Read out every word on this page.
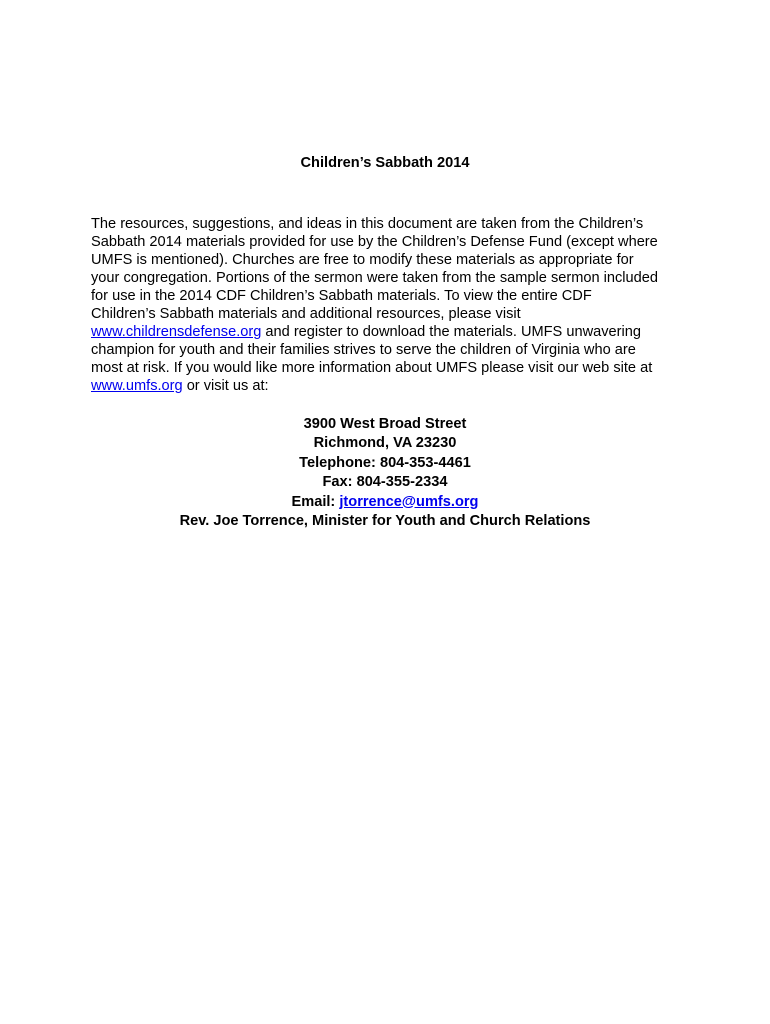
Children’s Sabbath 2014
The resources, suggestions, and ideas in this document are taken from the Children’s
Sabbath 2014 materials provided for use by the Children’s Defense Fund (except where
UMFS is mentioned). Churches are free to modify these materials as appropriate for
your congregation. Portions of the sermon were taken from the sample sermon included
for use in the 2014 CDF Children’s Sabbath materials. To view the entire CDF
Children’s Sabbath materials and additional resources, please visit
www.childrensdefense.org and register to download the materials. UMFS unwavering
champion for youth and their families strives to serve the children of Virginia who are
most at risk. If you would like more information about UMFS please visit our web site at
www.umfs.org or visit us at:
3900 West Broad Street
Richmond, VA 23230
Telephone: 804-353-4461
Fax: 804-355-2334
Email: jtorrence@umfs.org
Rev. Joe Torrence, Minister for Youth and Church Relations
